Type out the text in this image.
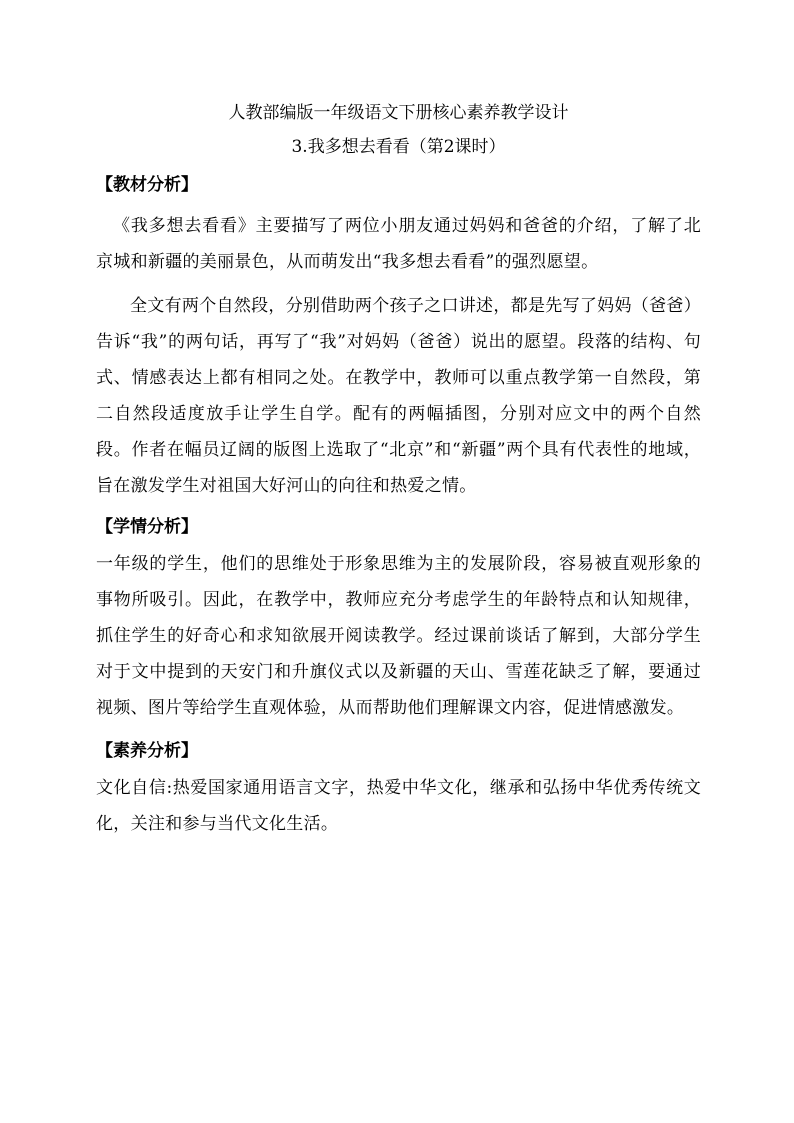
人教部编版一年级语文下册核心素养教学设计
3.我多想去看看（第2课时）
【教材分析】

《我多想去看看》主要描写了两位小朋友通过妈妈和爸爸的介绍，了解了北京城和新疆的美丽景色，从而萌发出“我多想去看看”的强烈愿望。

全文有两个自然段，分别借助两个孩子之口讲述，都是先写了妈妈（爸爸）告诉“我”的两句话，再写了“我”对妈妈（爸爸）说出的愿望。段落的结构、句式、情感表达上都有相同之处。在教学中，教师可以重点教学第一自然段，第二自然段适度放手让学生自学。配有的两幅插图，分别对应文中的两个自然段。作者在幅员辽阔的版图上选取了“北京”和“新疆”两个具有代表性的地域，旨在激发学生对祖国大好河山的向往和热爱之情。

【学情分析】

一年级的学生，他们的思维处于形象思维为主的发展阶段，容易被直观形象的事物所吸引。因此，在教学中，教师应充分考虑学生的年龄特点和认知规律，抓住学生的好奇心和求知欲展开阅读教学。经过课前谈话了解到，大部分学生对于文中提到的天安门和升旗仪式以及新疆的天山、雪莲花缺乏了解，要通过视频、图片等给学生直观体验，从而帮助他们理解课文内容，促进情感激发。

【素养分析】

文化自信:热爱国家通用语言文字，热爱中华文化，继承和弘扬中华优秀传统文化，关注和参与当代文化生活。
